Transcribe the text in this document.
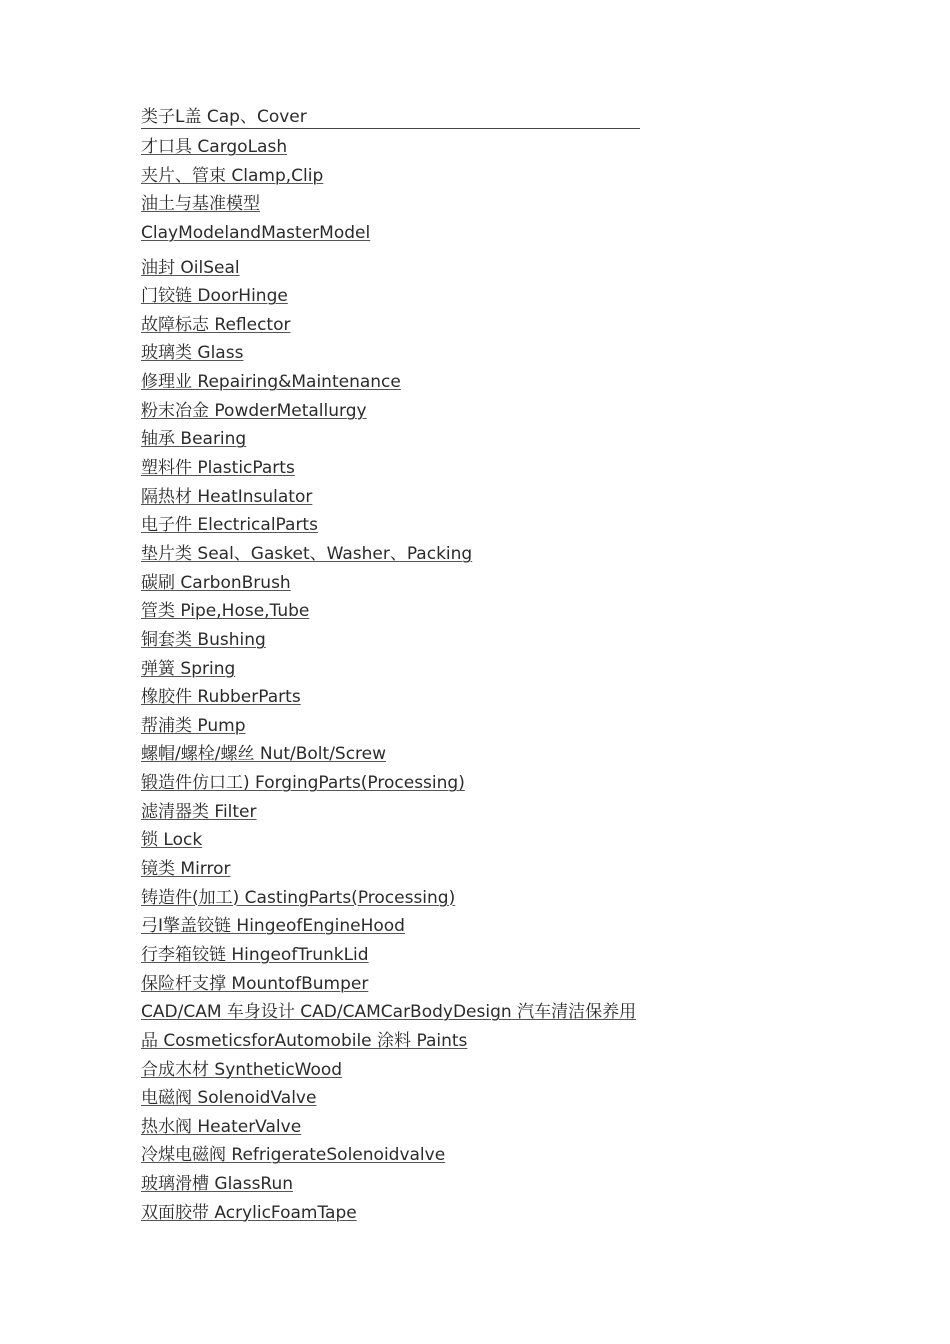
类子L盖 Cap、Cover
才口具 CargoLash
夹片、管束 Clamp,Clip
油土与基准模型
ClayModelandMasterModel
油封 OilSeal
门铰链 DoorHinge
故障标志 Reflector
玻璃类 Glass
修理业 Repairing&Maintenance
粉末冶金 PowderMetallurgy
轴承 Bearing
塑料件 PlasticParts
隔热材 HeatInsulator
电子件 ElectricalParts
垫片类 Seal、Gasket、Washer、Packing
碳刷 CarbonBrush
管类 Pipe,Hose,Tube
铜套类 Bushing
弹簧 Spring
橡胶件 RubberParts
帮浦类 Pump
螺帽/螺栓/螺丝 Nut/Bolt/Screw
锻造件仿口工) ForgingParts(Processing)
滤清器类 Filter
锁 Lock
镜类 Mirror
铸造件(加工) CastingParts(Processing)
弓I擎盖铰链 HingeofEngineHood
行李箱铰链 HingeofTrunkLid
保险杆支撑 MountofBumper
CAD/CAM 车身设计 CAD/CAMCarBodyDesign 汽车清洁保养用
品 CosmeticsforAutomobile 涂料 Paints
合成木材 SyntheticWood
电磁阀 SolenoidValve
热水阀 HeaterValve
冷煤电磁阀 RefrigerateSolenoidvalve
玻璃滑槽 GlassRun
双面胶带 AcrylicFoamTape
